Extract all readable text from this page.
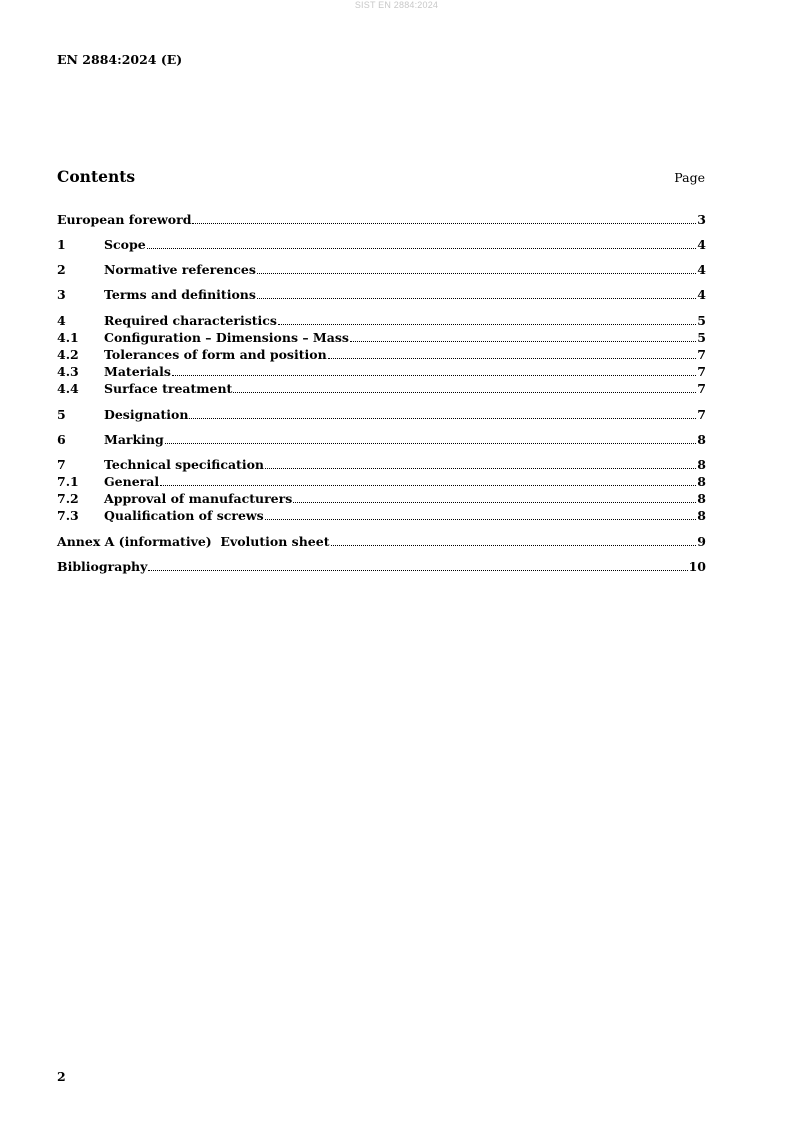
SIST EN 2884:2024
EN 2884:2024 (E)
Contents	Page
European foreword	3
1	Scope	4
2	Normative references	4
3	Terms and definitions	4
4	Required characteristics	5
4.1	Configuration – Dimensions – Mass	5
4.2	Tolerances of form and position	7
4.3	Materials	7
4.4	Surface treatment	7
5	Designation	7
6	Marking	8
7	Technical specification	8
7.1	General	8
7.2	Approval of manufacturers	8
7.3	Qualification of screws	8
Annex A (informative)  Evolution sheet	9
Bibliography	10
2
